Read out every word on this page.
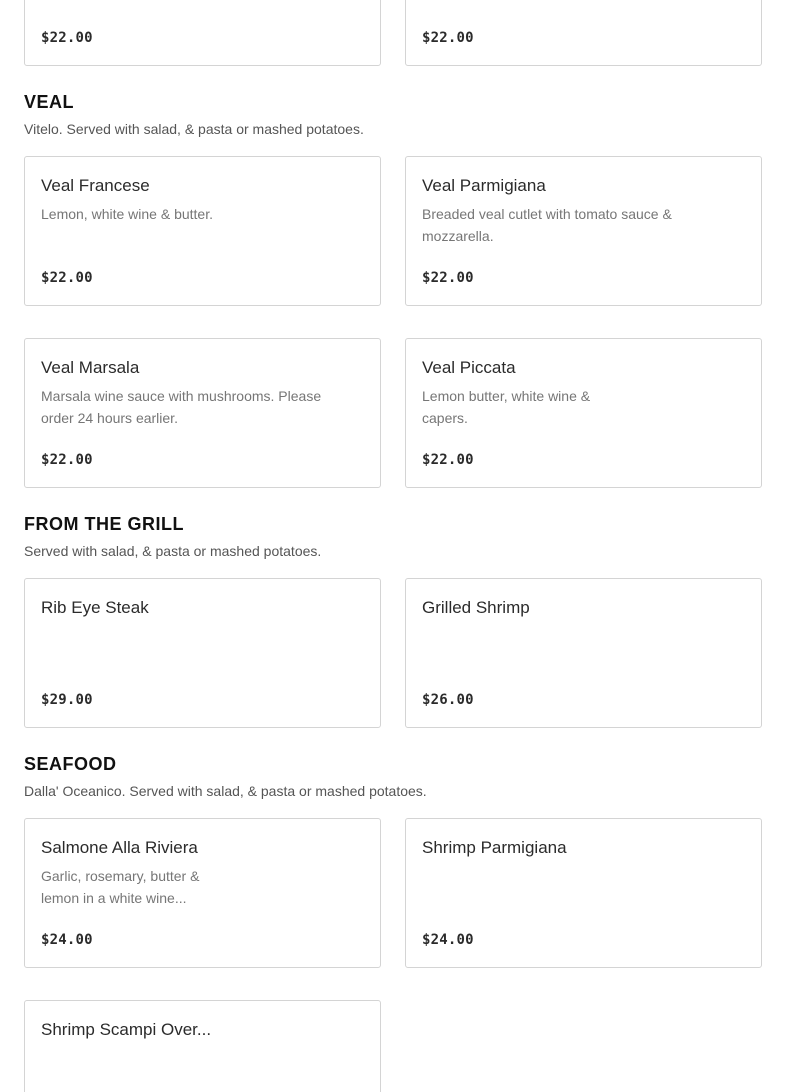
$22.00	$22.00
VEAL
Vitelo. Served with salad, & pasta or mashed potatoes.
Veal Francese
Lemon, white wine & butter.
$22.00
Veal Parmigiana
Breaded veal cutlet with tomato sauce & mozzarella.
$22.00
Veal Marsala
Marsala wine sauce with mushrooms. Please order 24 hours earlier.
$22.00
Veal Piccata
Lemon butter, white wine & capers.
$22.00
FROM THE GRILL
Served with salad, & pasta or mashed potatoes.
Rib Eye Steak
$29.00
Grilled Shrimp
$26.00
SEAFOOD
Dalla' Oceanico. Served with salad, & pasta or mashed potatoes.
Salmone Alla Riviera
Garlic, rosemary, butter & lemon in a white wine...
$24.00
Shrimp Parmigiana
$24.00
Shrimp Scampi Over...
